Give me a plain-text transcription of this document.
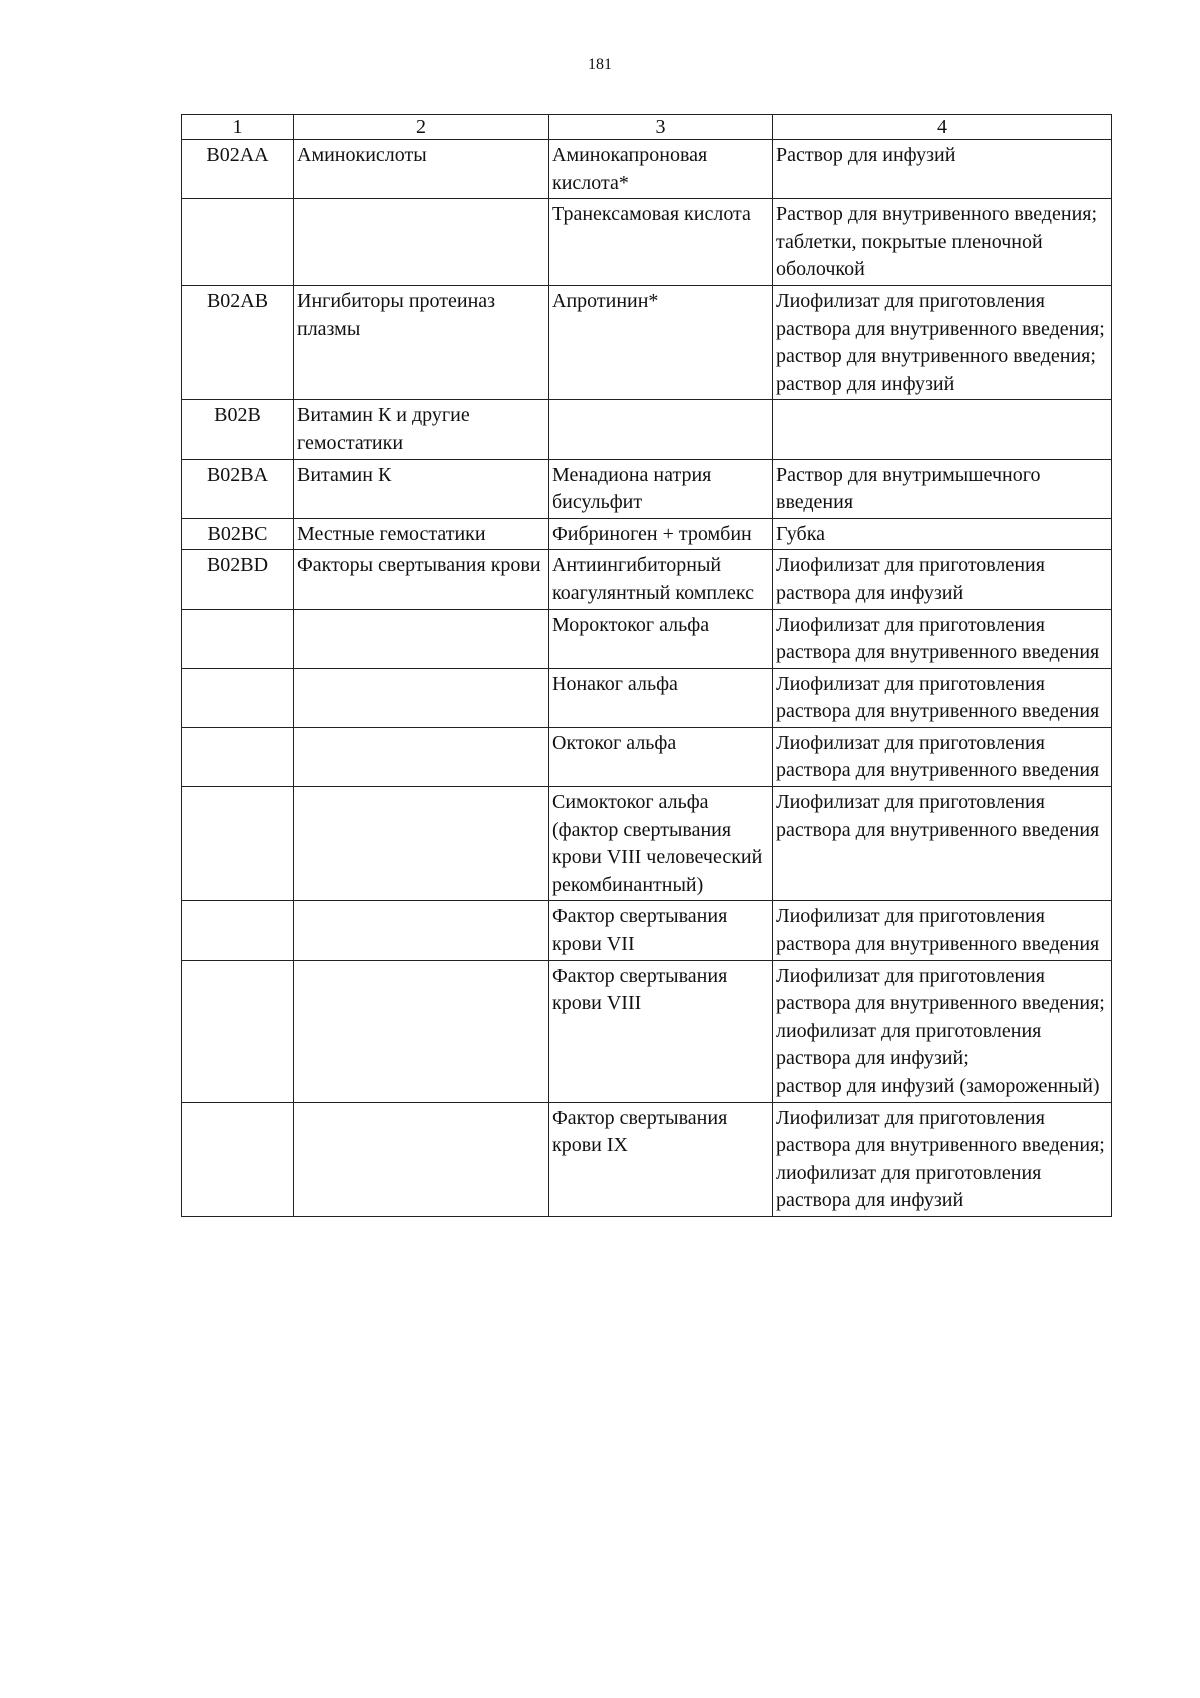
181
1	2	3	4
B02AA	Аминокислоты	Аминокапроновая кислота*	Раствор для инфузий

		Транексамовая кислота	Раствор для внутривенного введения;
таблетки, покрытые пленочной оболочкой

B02AB	Ингибиторы протеиназ плазмы	Апротинин*	Лиофилизат для приготовления раствора для внутривенного введения;
раствор для внутривенного введения;
раствор для инфузий

B02B	Витамин К и другие гемостатики		
B02BA	Витамин К	Менадиона натрия бисульфит	Раствор для внутримышечного введения

B02BC	Местные гемостатики	Фибриноген + тромбин	Губка

B02BD	Факторы свертывания крови	Антиингибиторный коагулянтный комплекс	Лиофилизат для приготовления раствора для инфузий

		Мороктоког альфа	Лиофилизат для приготовления раствора для внутривенного введения

		Нонаког альфа	Лиофилизат для приготовления раствора для внутривенного введения

		Октоког альфа	Лиофилизат для приготовления раствора для внутривенного введения

		Симоктоког альфа (фактор свертывания крови VIII человеческий рекомбинантный)	Лиофилизат для приготовления раствора для внутривенного введения

		Фактор свертывания крови VII	Лиофилизат для приготовления раствора для внутривенного введения

		Фактор свертывания крови VIII	Лиофилизат для приготовления раствора для внутривенного введения;
лиофилизат для приготовления раствора для инфузий;
раствор для инфузий (замороженный)

		Фактор свертывания крови IX	Лиофилизат для приготовления раствора для внутривенного введения;
лиофилизат для приготовления раствора для инфузий
